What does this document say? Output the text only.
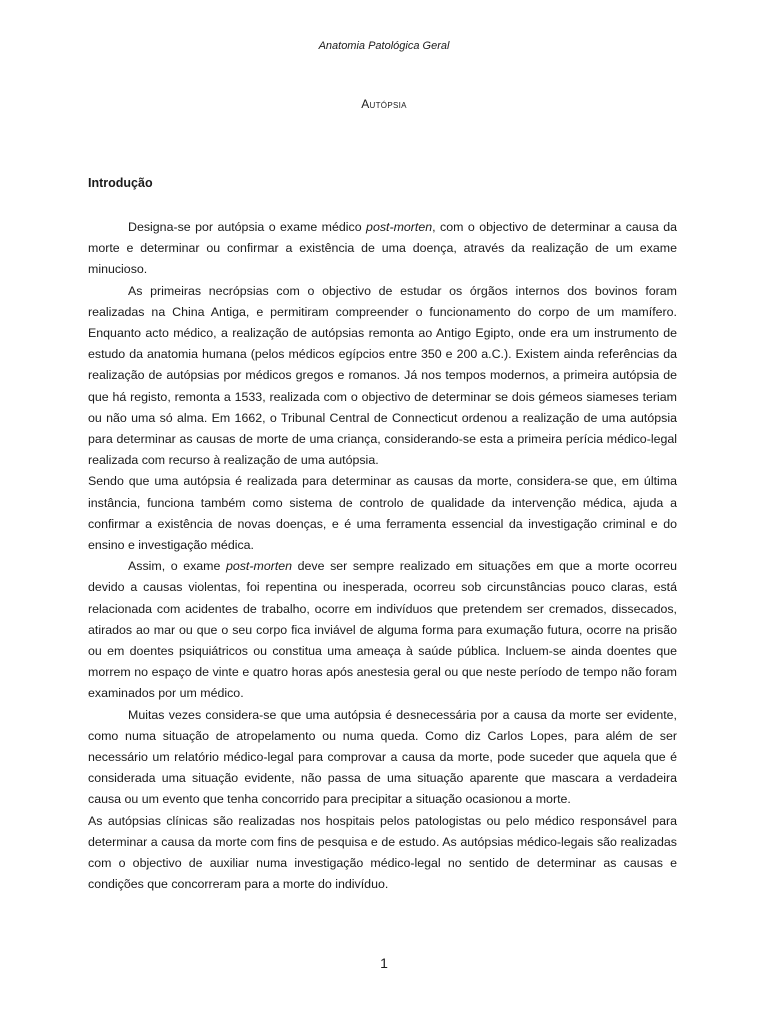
Anatomia Patológica Geral
Autópsia
Introdução

Designa-se por autópsia o exame médico post-morten, com o objectivo de determinar a causa da morte e determinar ou confirmar a existência de uma doença, através da realização de um exame minucioso.

As primeiras necrópsias com o objectivo de estudar os órgãos internos dos bovinos foram realizadas na China Antiga, e permitiram compreender o funcionamento do corpo de um mamífero. Enquanto acto médico, a realização de autópsias remonta ao Antigo Egipto, onde era um instrumento de estudo da anatomia humana (pelos médicos egípcios entre 350 e 200 a.C.). Existem ainda referências da realização de autópsias por médicos gregos e romanos. Já nos tempos modernos, a primeira autópsia de que há registo, remonta a 1533, realizada com o objectivo de determinar se dois gémeos siameses teriam ou não uma só alma. Em 1662, o Tribunal Central de Connecticut ordenou a realização de uma autópsia para determinar as causas de morte de uma criança, considerando-se esta a primeira perícia médico-legal realizada com recurso à realização de uma autópsia.

Sendo que uma autópsia é realizada para determinar as causas da morte, considera-se que, em última instância, funciona também como sistema de controlo de qualidade da intervenção médica, ajuda a confirmar a existência de novas doenças, e é uma ferramenta essencial da investigação criminal e do ensino e investigação médica.

Assim, o exame post-morten deve ser sempre realizado em situações em que a morte ocorreu devido a causas violentas, foi repentina ou inesperada, ocorreu sob circunstâncias pouco claras, está relacionada com acidentes de trabalho, ocorre em indivíduos que pretendem ser cremados, dissecados, atirados ao mar ou que o seu corpo fica inviável de alguma forma para exumação futura, ocorre na prisão ou em doentes psiquiátricos ou constitua uma ameaça à saúde pública. Incluem-se ainda doentes que morrem no espaço de vinte e quatro horas após anestesia geral ou que neste período de tempo não foram examinados por um médico.

Muitas vezes considera-se que uma autópsia é desnecessária por a causa da morte ser evidente, como numa situação de atropelamento ou numa queda. Como diz Carlos Lopes, para além de ser necessário um relatório médico-legal para comprovar a causa da morte, pode suceder que aquela que é considerada uma situação evidente, não passa de uma situação aparente que mascara a verdadeira causa ou um evento que tenha concorrido para precipitar a situação ocasionou a morte.

As autópsias clínicas são realizadas nos hospitais pelos patologistas ou pelo médico responsável para determinar a causa da morte com fins de pesquisa e de estudo. As autópsias médico-legais são realizadas com o objectivo de auxiliar numa investigação médico-legal no sentido de determinar as causas e condições que concorreram para a morte do indivíduo.

1
